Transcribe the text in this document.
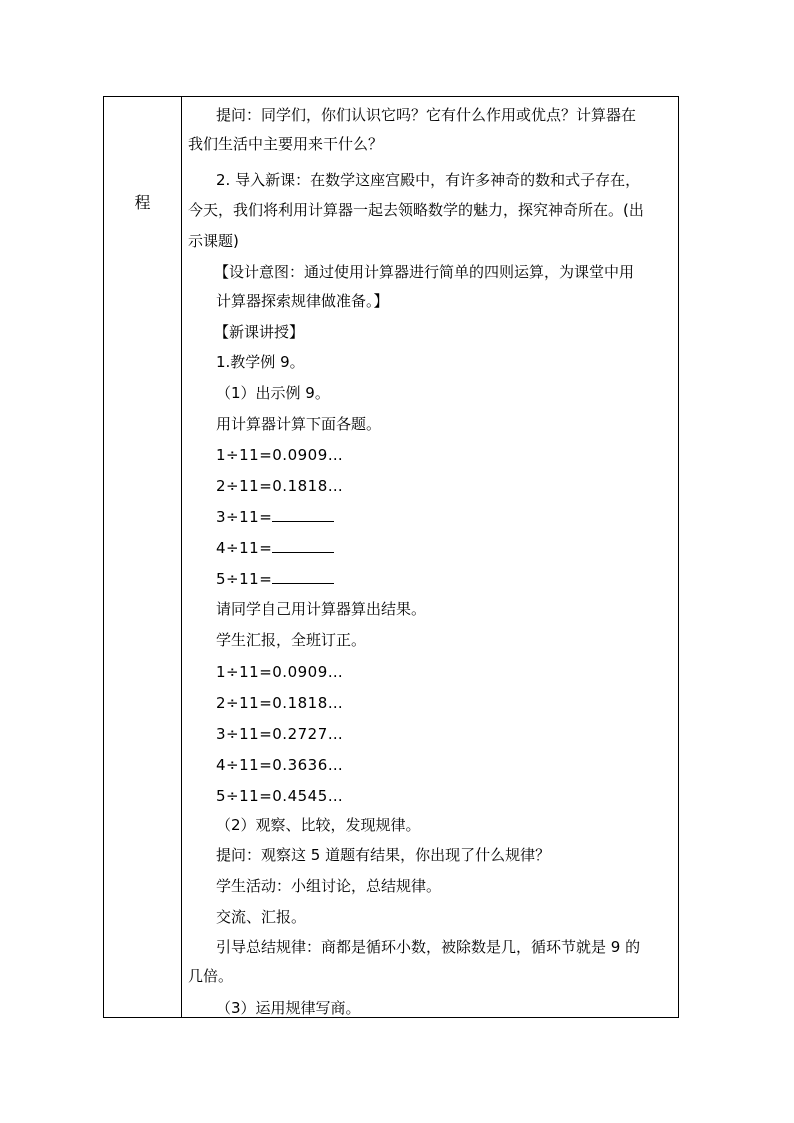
程
提问：同学们，你们认识它吗？它有什么作用或优点？计算器在
我们生活中主要用来干什么？
2. 导入新课：在数学这座宫殿中，有许多神奇的数和式子存在，
今天，我们将利用计算器一起去领略数学的魅力，探究神奇所在。(出
示课题)
【设计意图：通过使用计算器进行简单的四则运算，为课堂中用
计算器探索规律做准备。】
【新课讲授】
1.教学例 9。
（1）出示例 9。
用计算器计算下面各题。
1÷11=0.0909…
2÷11=0.1818…
3÷11=
4÷11=
5÷11=
请同学自己用计算器算出结果。
学生汇报，全班订正。
1÷11=0.0909…
2÷11=0.1818…
3÷11=0.2727…
4÷11=0.3636…
5÷11=0.4545…
（2）观察、比较，发现规律。
提问：观察这 5 道题有结果，你出现了什么规律？
学生活动：小组讨论，总结规律。
交流、汇报。
引导总结规律：商都是循环小数，被除数是几，循环节就是 9 的
几倍。
（3）运用规律写商。
